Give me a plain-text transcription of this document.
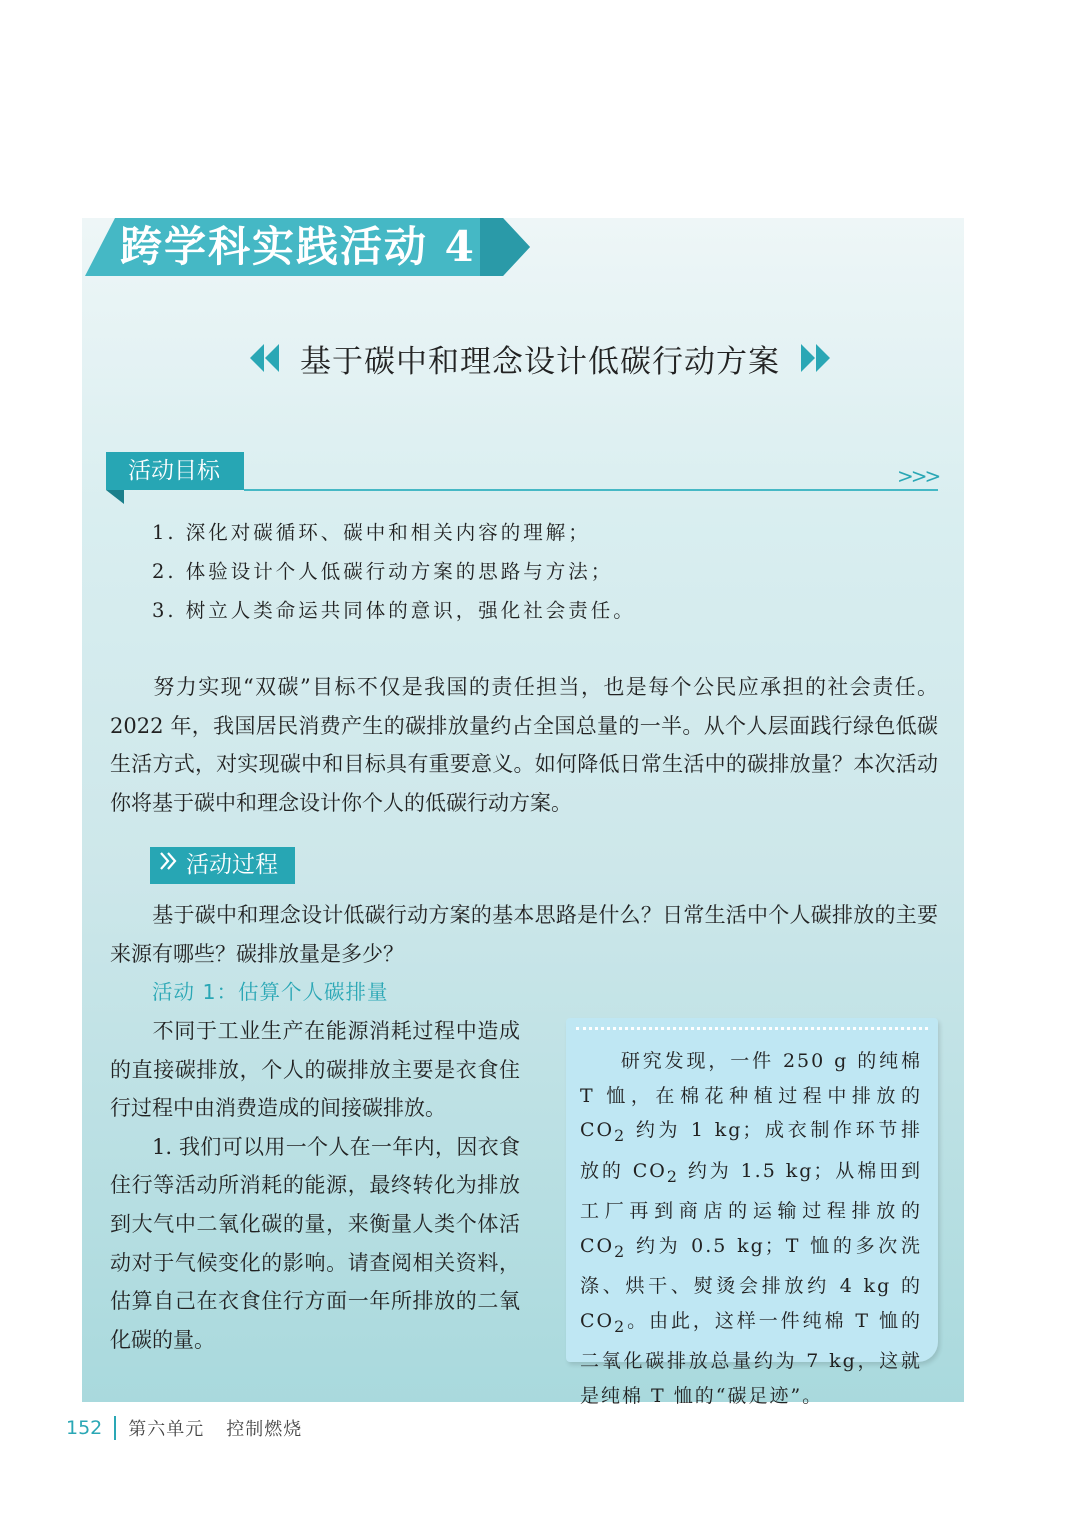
跨学科实践活动 4
基于碳中和理念设计低碳行动方案
活动目标	>>>
1. 深化对碳循环、碳中和相关内容的理解；
2. 体验设计个人低碳行动方案的思路与方法；
3. 树立人类命运共同体的意识，强化社会责任。

努力实现“双碳”目标不仅是我国的责任担当，也是每个公民应承担的社会责任。2022 年，我国居民消费产生的碳排放量约占全国总量的一半。从个人层面践行绿色低碳生活方式，对实现碳中和目标具有重要意义。如何降低日常生活中的碳排放量？本次活动你将基于碳中和理念设计你个人的低碳行动方案。

活动过程

基于碳中和理念设计低碳行动方案的基本思路是什么？日常生活中个人碳排放的主要来源有哪些？碳排放量是多少？

活动 1：估算个人碳排量

不同于工业生产在能源消耗过程中造成的直接碳排放，个人的碳排放主要是衣食住行过程中由消费造成的间接碳排放。

1. 我们可以用一个人在一年内，因衣食住行等活动所消耗的能源，最终转化为排放到大气中二氧化碳的量，来衡量人类个体活动对于气候变化的影响。请查阅相关资料，估算自己在衣食住行方面一年所排放的二氧化碳的量。

研究发现，一件 250 g 的纯棉 T 恤，在棉花种植过程中排放的 $CO_2$ 约为 1 kg；成衣制作环节排放的 $CO_2$ 约为 1.5 kg；从棉田到工厂再到商店的运输过程排放的 $CO_2$ 约为 0.5 kg；T 恤的多次洗涤、烘干、熨烫会排放约 4 kg 的 $CO_2$。由此，这样一件纯棉 T 恤的二氧化碳排放总量约为 7 kg，这就是纯棉 T 恤的“碳足迹”。

152 第六单元 控制燃烧
